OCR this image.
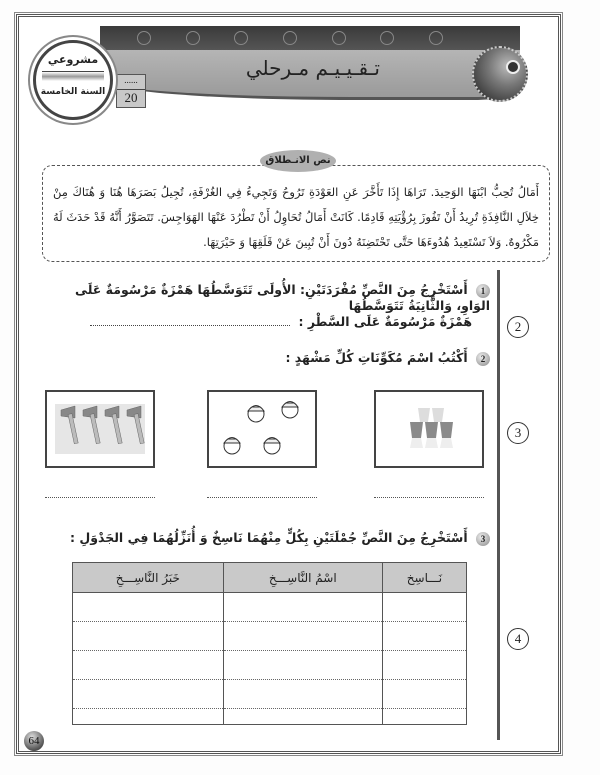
تـقـيـيـم مـرحلي
......
20
مشروعي
السنة الخامسة
أَمَالُ تُحِبُّ ابْنَهَا الوَحِيدَ. تَرَاهَا إِذَا تَأَخَّرَ عَنِ العَوْدَةِ تَرُوحُ وَتَجِيءُ فِي الغُرْفَةِ، تُجِيلُ بَصَرَهَا هُنَا وَ هُنَاكَ مِنْ خِلاَلِ النَّافِذَةِ تُرِيدُ أَنْ تَفُوزَ بِرُؤْيَتِهِ قَادِمًا. كَانَتْ أَمَالُ تُحَاوِلُ أَنْ تَطْرُدَ عَنْهَا الهَوَاجِسَ. تَتَصَوَّرُ أَنَّهُ قَدْ حَدَثَ لَهُ مَكْرُوهٌ. وَلاَ تَسْتَعِيدُ هُدُوءَهَا حَتَّى تَحْتَضِنَهُ دُونَ أَنْ تُبِينَ عَنْ قَلَقِهَا وَ حَيْرَتِهَا.
نص الانـطلاق
2
3
4
1 أَسْتَخْرِجُ مِنَ النَّصِّ مُفْرَدَتَيْنِ: الأُولَى تَتَوَسَّطُهَا هَمْزَةٌ مَرْسُومَةٌ عَلَى الوَاوِ، وَالثَّانِيَةُ تَتَوَسَّطُهَا
هَمْزَةٌ مَرْسُومَةٌ عَلَى السَّطْرِ :
2 أَكْتُبُ اسْمَ مُكَوِّنَاتِ كُلِّ مَشْهَدٍ :
3 أَسْتَخْرِجُ مِنَ النَّصِّ جُمْلَتَيْنِ بِكُلٍّ مِنْهُمَا نَاسِخٌ وَ أُنَزِّلُهُمَا فِي الجَدْوَلِ :
نَـــاسِخ	اسْمُ النَّاسِـــخِ	خَبَرُ النَّاسِـــخِ

64
